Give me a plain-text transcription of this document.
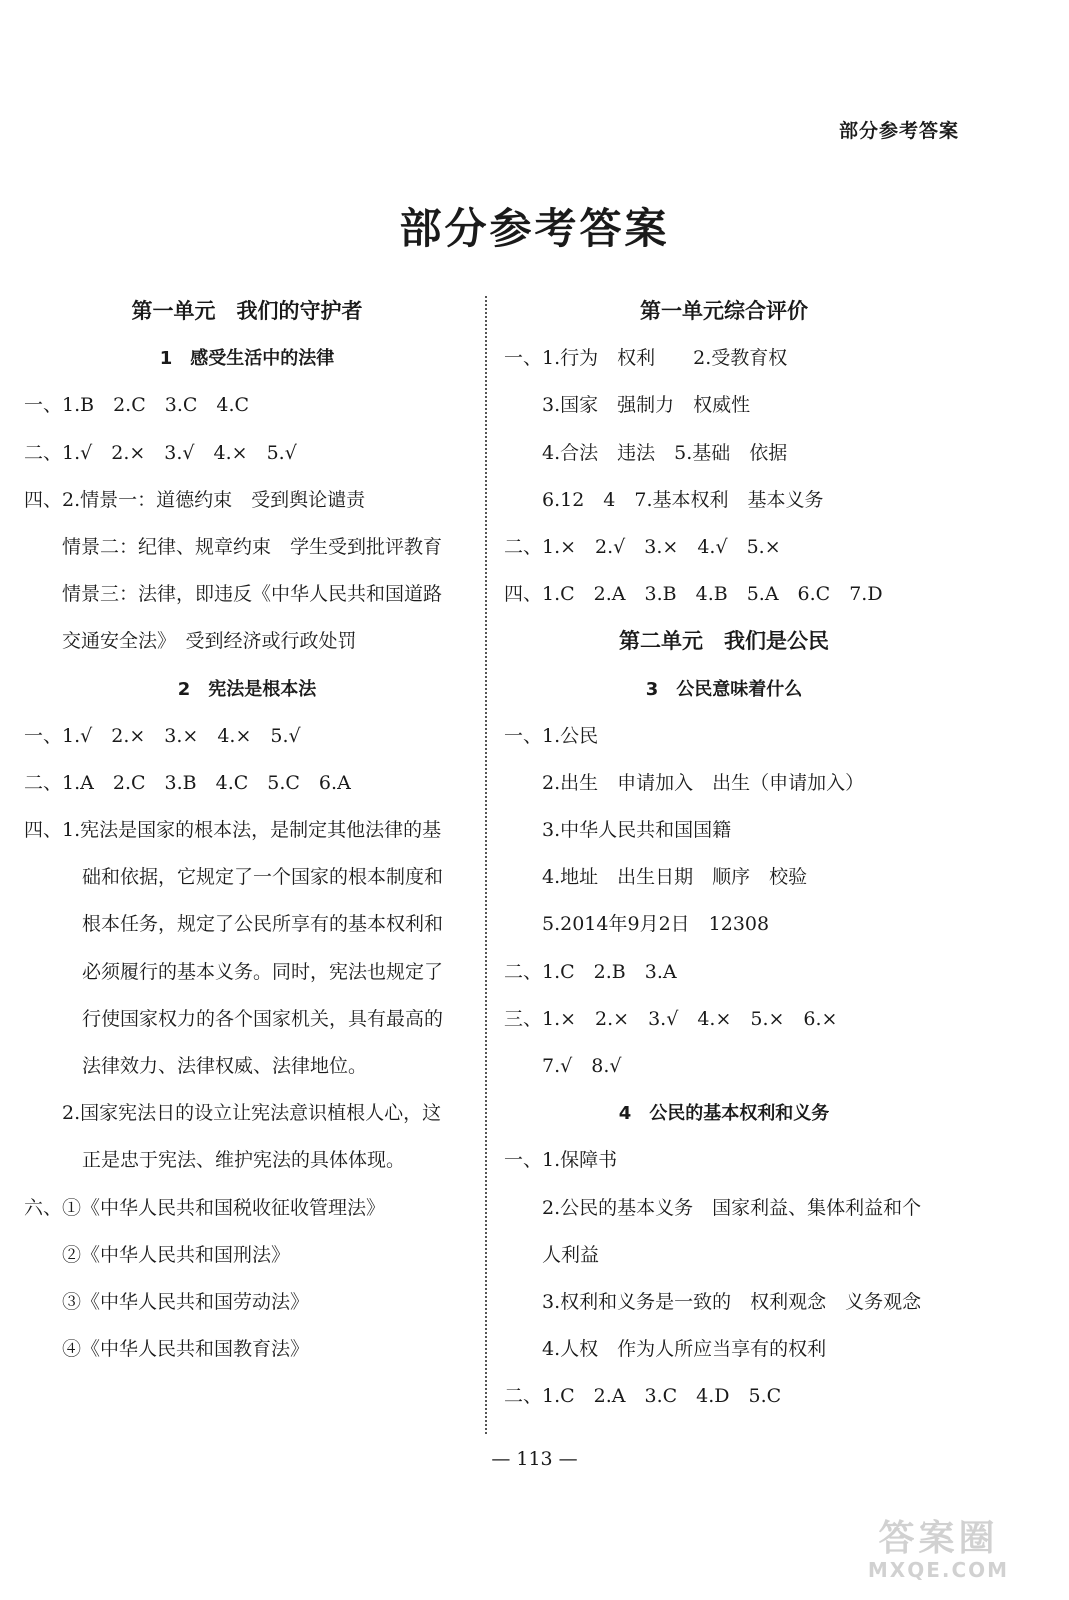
部分参考答案
部分参考答案
第一单元　我们的守护者
1　感受生活中的法律
一、1.B　2.C　3.C　4.C
二、1.√　2.×　3.√　4.×　5.√
四、2.情景一：道德约束　受到舆论谴责
情景二：纪律、规章约束　学生受到批评教育
情景三：法律，即违反《中华人民共和国道路
交通安全法》　受到经济或行政处罚
2　宪法是根本法
一、1.√　2.×　3.×　4.×　5.√
二、1.A　2.C　3.B　4.C　5.C　6.A
四、1.宪法是国家的根本法，是制定其他法律的基
础和依据，它规定了一个国家的根本制度和
根本任务，规定了公民所享有的基本权利和
必须履行的基本义务。同时，宪法也规定了
行使国家权力的各个国家机关，具有最高的
法律效力、法律权威、法律地位。
2.国家宪法日的设立让宪法意识植根人心，这
正是忠于宪法、维护宪法的具体体现。
六、①《中华人民共和国税收征收管理法》
②《中华人民共和国刑法》
③《中华人民共和国劳动法》
④《中华人民共和国教育法》
第一单元综合评价
一、1.行为　权利　　2.受教育权
3.国家　强制力　权威性
4.合法　违法　5.基础　依据
6.12　4　7.基本权利　基本义务
二、1.×　2.√　3.×　4.√　5.×
四、1.C　2.A　3.B　4.B　5.A　6.C　7.D
第二单元　我们是公民
3　公民意味着什么
一、1.公民
2.出生　申请加入　出生（申请加入）
3.中华人民共和国国籍
4.地址　出生日期　顺序　校验
5.2014年9月2日　12308
二、1.C　2.B　3.A
三、1.×　2.×　3.√　4.×　5.×　6.×
7.√　8.√
4　公民的基本权利和义务
一、1.保障书
2.公民的基本义务　国家利益、集体利益和个
人利益
3.权利和义务是一致的　权利观念　义务观念
4.人权　作为人所应当享有的权利
二、1.C　2.A　3.C　4.D　5.C
— 113 —
答案圈
MXQE.COM
